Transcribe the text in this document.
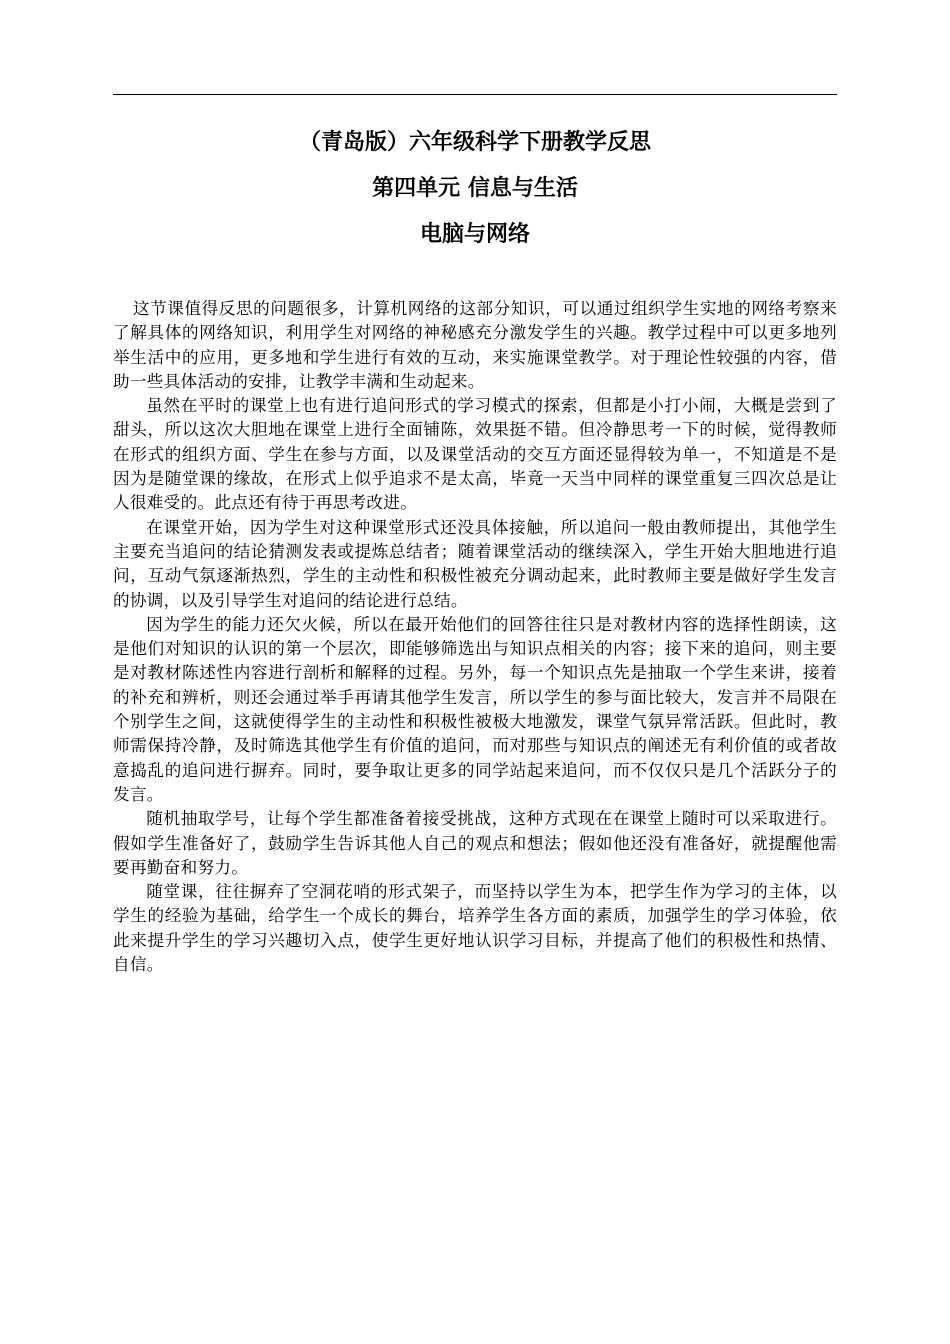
（青岛版）六年级科学下册教学反思
第四单元 信息与生活
电脑与网络

这节课值得反思的问题很多，计算机网络的这部分知识，可以通过组织学生实地的网络考察来了解具体的网络知识，利用学生对网络的神秘感充分激发学生的兴趣。教学过程中可以更多地列举生活中的应用，更多地和学生进行有效的互动，来实施课堂教学。对于理论性较强的内容，借助一些具体活动的安排，让教学丰满和生动起来。

虽然在平时的课堂上也有进行追问形式的学习模式的探索，但都是小打小闹，大概是尝到了甜头，所以这次大胆地在课堂上进行全面铺陈，效果挺不错。但冷静思考一下的时候，觉得教师在形式的组织方面、学生在参与方面，以及课堂活动的交互方面还显得较为单一，不知道是不是因为是随堂课的缘故，在形式上似乎追求不是太高，毕竟一天当中同样的课堂重复三四次总是让人很难受的。此点还有待于再思考改进。

在课堂开始，因为学生对这种课堂形式还没具体接触，所以追问一般由教师提出，其他学生主要充当追问的结论猜测发表或提炼总结者；随着课堂活动的继续深入，学生开始大胆地进行追问，互动气氛逐渐热烈，学生的主动性和积极性被充分调动起来，此时教师主要是做好学生发言的协调，以及引导学生对追问的结论进行总结。

因为学生的能力还欠火候，所以在最开始他们的回答往往只是对教材内容的选择性朗读，这是他们对知识的认识的第一个层次，即能够筛选出与知识点相关的内容；接下来的追问，则主要是对教材陈述性内容进行剖析和解释的过程。另外，每一个知识点先是抽取一个学生来讲，接着的补充和辨析，则还会通过举手再请其他学生发言，所以学生的参与面比较大，发言并不局限在个别学生之间，这就使得学生的主动性和积极性被极大地激发，课堂气氛异常活跃。但此时，教师需保持冷静，及时筛选其他学生有价值的追问，而对那些与知识点的阐述无有利价值的或者故意捣乱的追问进行摒弃。同时，要争取让更多的同学站起来追问，而不仅仅只是几个活跃分子的发言。

随机抽取学号，让每个学生都准备着接受挑战，这种方式现在在课堂上随时可以采取进行。假如学生准备好了，鼓励学生告诉其他人自己的观点和想法；假如他还没有准备好，就提醒他需要再勤奋和努力。

随堂课，往往摒弃了空洞花哨的形式架子，而坚持以学生为本，把学生作为学习的主体，以学生的经验为基础，给学生一个成长的舞台，培养学生各方面的素质，加强学生的学习体验，依此来提升学生的学习兴趣切入点，使学生更好地认识学习目标，并提高了他们的积极性和热情、自信。
